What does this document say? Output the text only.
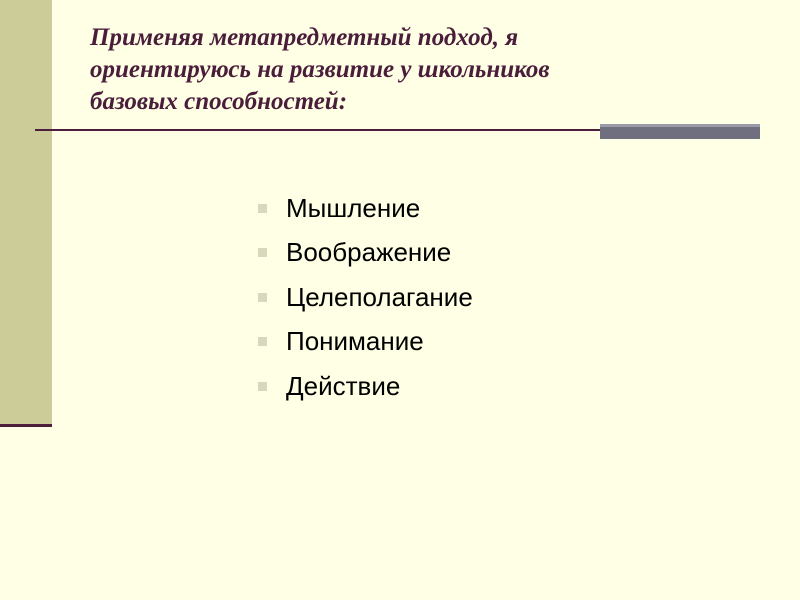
Применяя метапредметный подход, я
ориентируюсь на развитие у школьников
базовых способностей:
Мышление
Воображение
Целеполагание
Понимание
Действие
